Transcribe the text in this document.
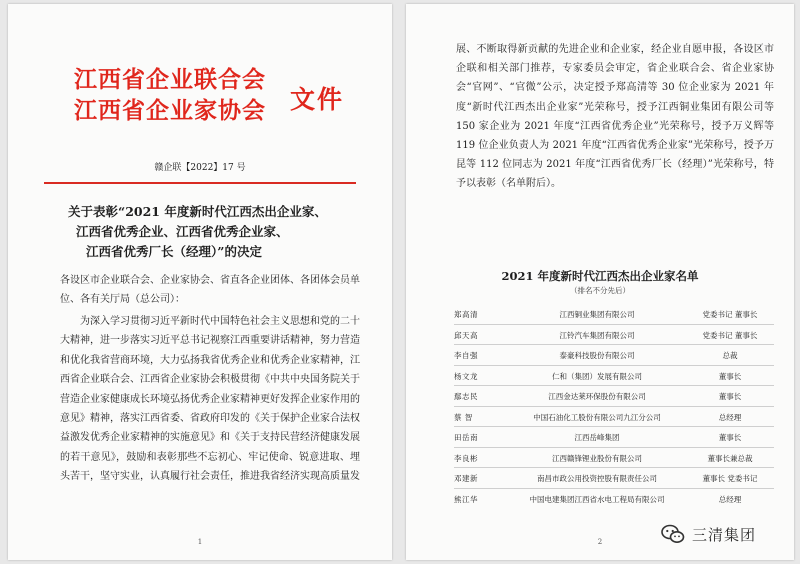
江西省企业联合会
江西省企业家协会 文件
赣企联【2022】17 号
关于表彰“2021 年度新时代江西杰出企业家、
江西省优秀企业、江西省优秀企业家、
江西省优秀厂长（经理）”的决定
各设区市企业联合会、企业家协会、省直各企业团体、各团体会员单位、各有关厅局（总公司）：
为深入学习贯彻习近平新时代中国特色社会主义思想和党的二十大精神，进一步落实习近平总书记视察江西重要讲话精神，努力营造和优化我省营商环境，大力弘扬我省优秀企业和优秀企业家精神，江西省企业联合会、江西省企业家协会积极贯彻《中共中央国务院关于营造企业家健康成长环境弘扬优秀企业家精神更好发挥企业家作用的意见》精神，落实江西省委、省政府印发的《关于保护企业家合法权益激发优秀企业家精神的实施意见》和《关于支持民营经济健康发展的若干意见》，鼓励和表彰那些不忘初心、牢记使命、锐意进取、埋头苦干，坚守实业，认真履行社会责任，推进我省经济实现高质量发
1
展、不断取得新贡献的先进企业和企业家，经企业自愿申报，各设区市企联和相关部门推荐，专家委员会审定，省企业联合会、省企业家协会“官网”、“官微”公示，决定授予郑高清等 30 位企业家为 2021 年度“新时代江西杰出企业家”光荣称号，授予江西铜业集团有限公司等 150 家企业为 2021 年度“江西省优秀企业”光荣称号，授予万义辉等 119 位企业负责人为 2021 年度“江西省优秀企业家”光荣称号，授予万昆等 112 位同志为 2021 年度“江西省优秀厂长（经理）”光荣称号，特予以表彰（名单附后）。
2021 年度新时代江西杰出企业家名单
（排名不分先后）
郑高清	江西铜业集团有限公司	党委书记 董事长
邱天高	江铃汽车集团有限公司	党委书记 董事长
李自强	泰豪科技股份有限公司	总裁
杨文龙	仁和（集团）发展有限公司	董事长
鄢志民	江西金达莱环保股份有限公司	董事长
蔡 智	中国石油化工股份有限公司九江分公司	总经理
田岳南	江西岳峰集团	董事长
李良彬	江西赣锋锂业股份有限公司	董事长兼总裁
邓建新	南昌市政公用投资控股有限责任公司	董事长 党委书记
熊江华	中国电建集团江西省水电工程局有限公司	总经理
2	三清集团
